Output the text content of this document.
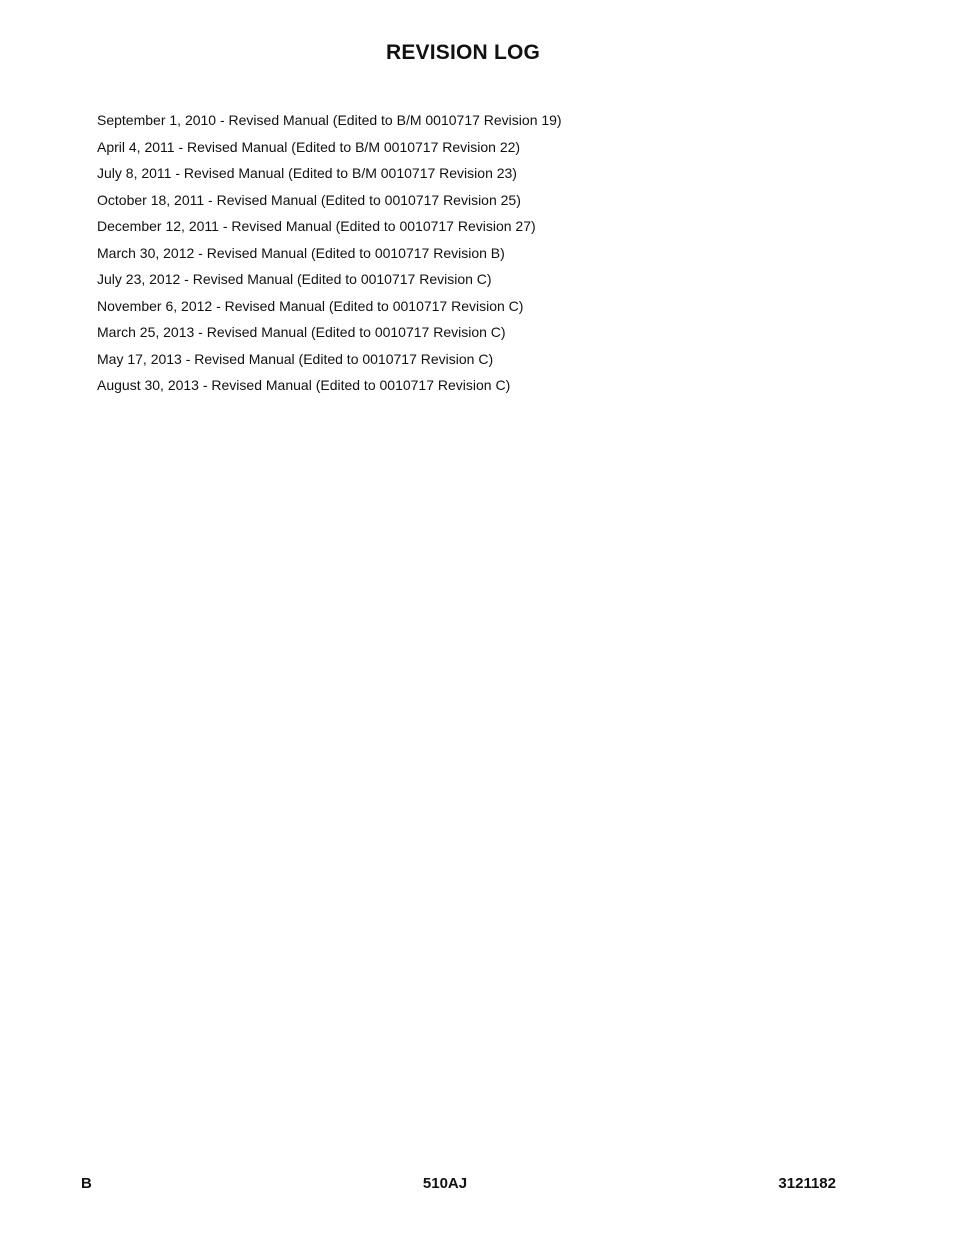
REVISION LOG
September 1, 2010 - Revised Manual (Edited to B/M 0010717 Revision 19)
April 4, 2011 - Revised Manual (Edited to B/M 0010717 Revision 22)
July 8, 2011 - Revised Manual (Edited to B/M 0010717 Revision 23)
October 18, 2011 - Revised Manual (Edited to 0010717 Revision 25)
December 12, 2011 - Revised Manual (Edited to 0010717 Revision 27)
March 30, 2012 - Revised Manual (Edited to 0010717 Revision B)
July 23, 2012 - Revised Manual (Edited to 0010717 Revision C)
November 6, 2012 - Revised Manual (Edited to 0010717 Revision C)
March 25, 2013 - Revised Manual (Edited to 0010717 Revision C)
May 17, 2013 - Revised Manual (Edited to 0010717 Revision C)
August 30, 2013 - Revised Manual (Edited to 0010717 Revision C)
B	510AJ	3121182
